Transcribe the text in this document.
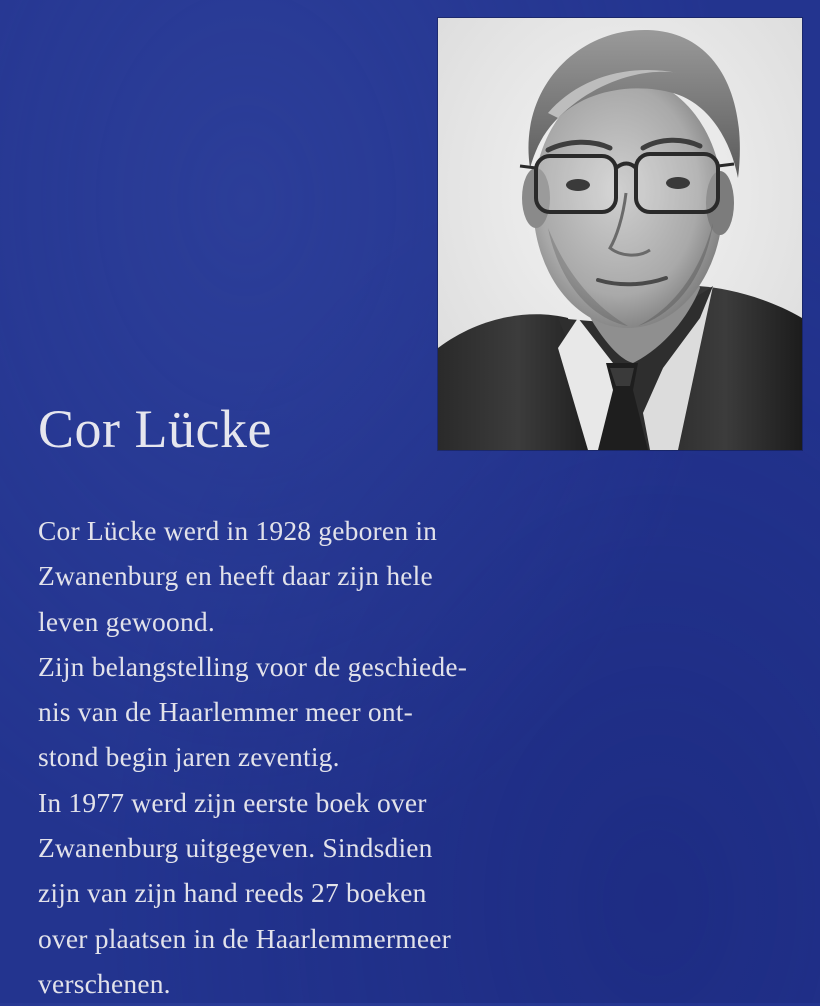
Cor Lücke
Cor Lücke werd in 1928 geboren in
Zwanenburg en heeft daar zijn hele
leven gewoond.
Zijn belangstelling voor de geschiede-
nis van de Haarlemmer meer ont-
stond begin jaren zeventig.
In 1977 werd zijn eerste boek over
Zwanenburg uitgegeven. Sindsdien
zijn van zijn hand reeds 27 boeken
over plaatsen in de Haarlemmermeer
verschenen.
